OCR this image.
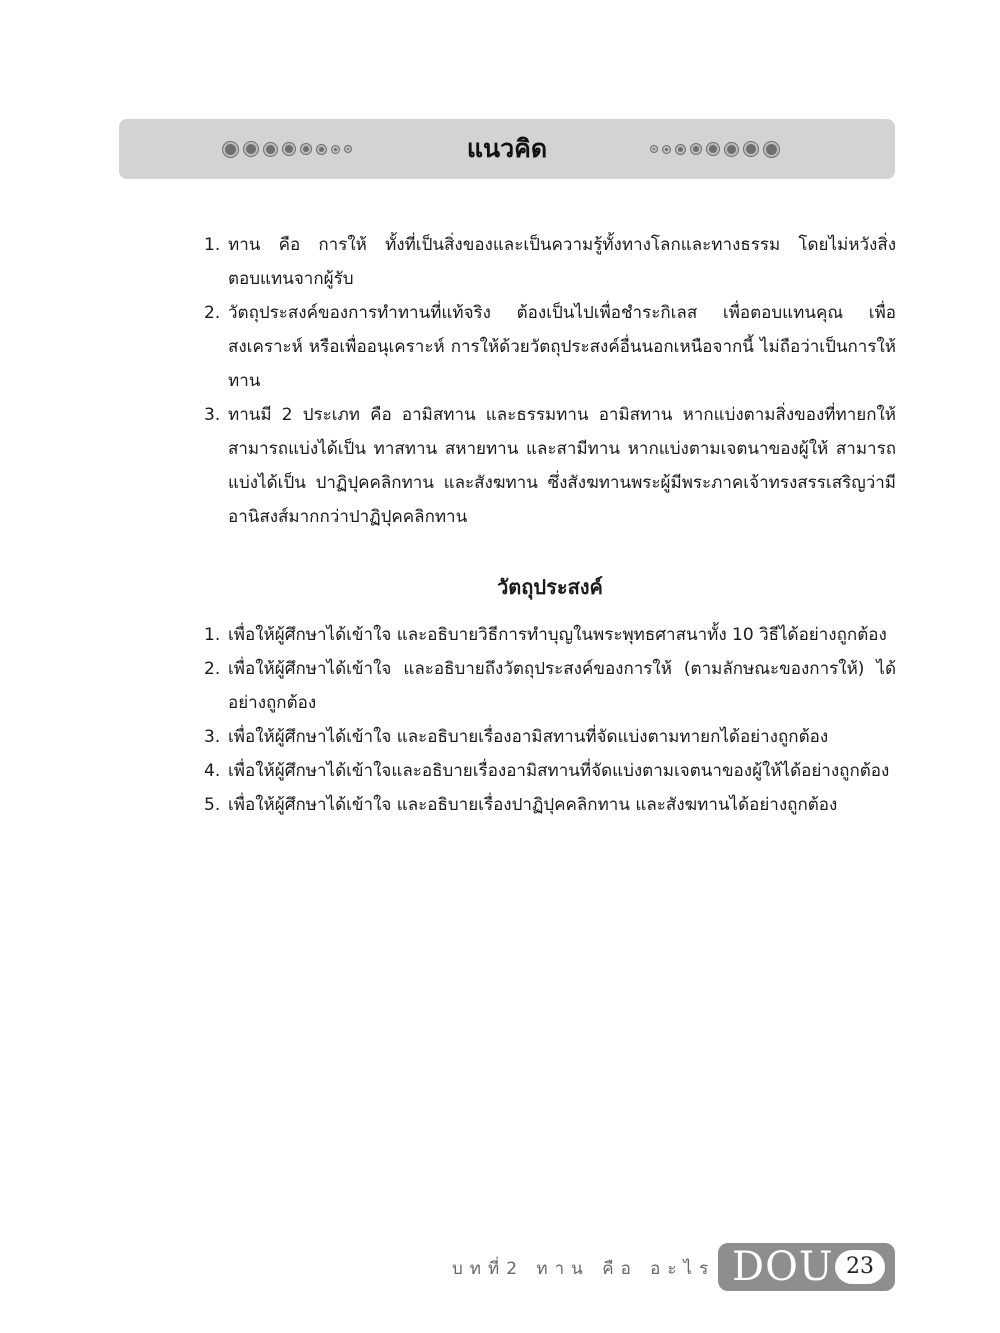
แนวคิด
1. ทาน คือ การให้ ทั้งที่เป็นสิ่งของและเป็นความรู้ทั้งทางโลกและทางธรรม โดยไม่หวังสิ่งตอบแทนจากผู้รับ
2. วัตถุประสงค์ของการทำทานที่แท้จริง ต้องเป็นไปเพื่อชำระกิเลส เพื่อตอบแทนคุณ เพื่อสงเคราะห์ หรือเพื่ออนุเคราะห์ การให้ด้วยวัตถุประสงค์อื่นนอกเหนือจากนี้ ไม่ถือว่าเป็นการให้ทาน
3. ทานมี 2 ประเภท คือ อามิสทาน และธรรมทาน อามิสทาน หากแบ่งตามสิ่งของที่ทายกให้ สามารถแบ่งได้เป็น ทาสทาน สหายทาน และสามีทาน หากแบ่งตามเจตนาของผู้ให้ สามารถแบ่งได้เป็น ปาฏิปุคคลิกทาน และสังฆทาน ซึ่งสังฆทานพระผู้มีพระภาคเจ้าทรงสรรเสริญว่ามีอานิสงส์มากกว่าปาฏิปุคคลิกทาน
วัตถุประสงค์
1. เพื่อให้ผู้ศึกษาได้เข้าใจ และอธิบายวิธีการทำบุญในพระพุทธศาสนาทั้ง 10 วิธีได้อย่างถูกต้อง
2. เพื่อให้ผู้ศึกษาได้เข้าใจ และอธิบายถึงวัตถุประสงค์ของการให้ (ตามลักษณะของการให้) ได้อย่างถูกต้อง
3. เพื่อให้ผู้ศึกษาได้เข้าใจ และอธิบายเรื่องอามิสทานที่จัดแบ่งตามทายกได้อย่างถูกต้อง
4. เพื่อให้ผู้ศึกษาได้เข้าใจและอธิบายเรื่องอามิสทานที่จัดแบ่งตามเจตนาของผู้ให้ได้อย่างถูกต้อง
5. เพื่อให้ผู้ศึกษาได้เข้าใจ และอธิบายเรื่องปาฏิปุคคลิกทาน และสังฆทานได้อย่างถูกต้อง
บทที่2 ทาน คือ อะไร DOU 23
